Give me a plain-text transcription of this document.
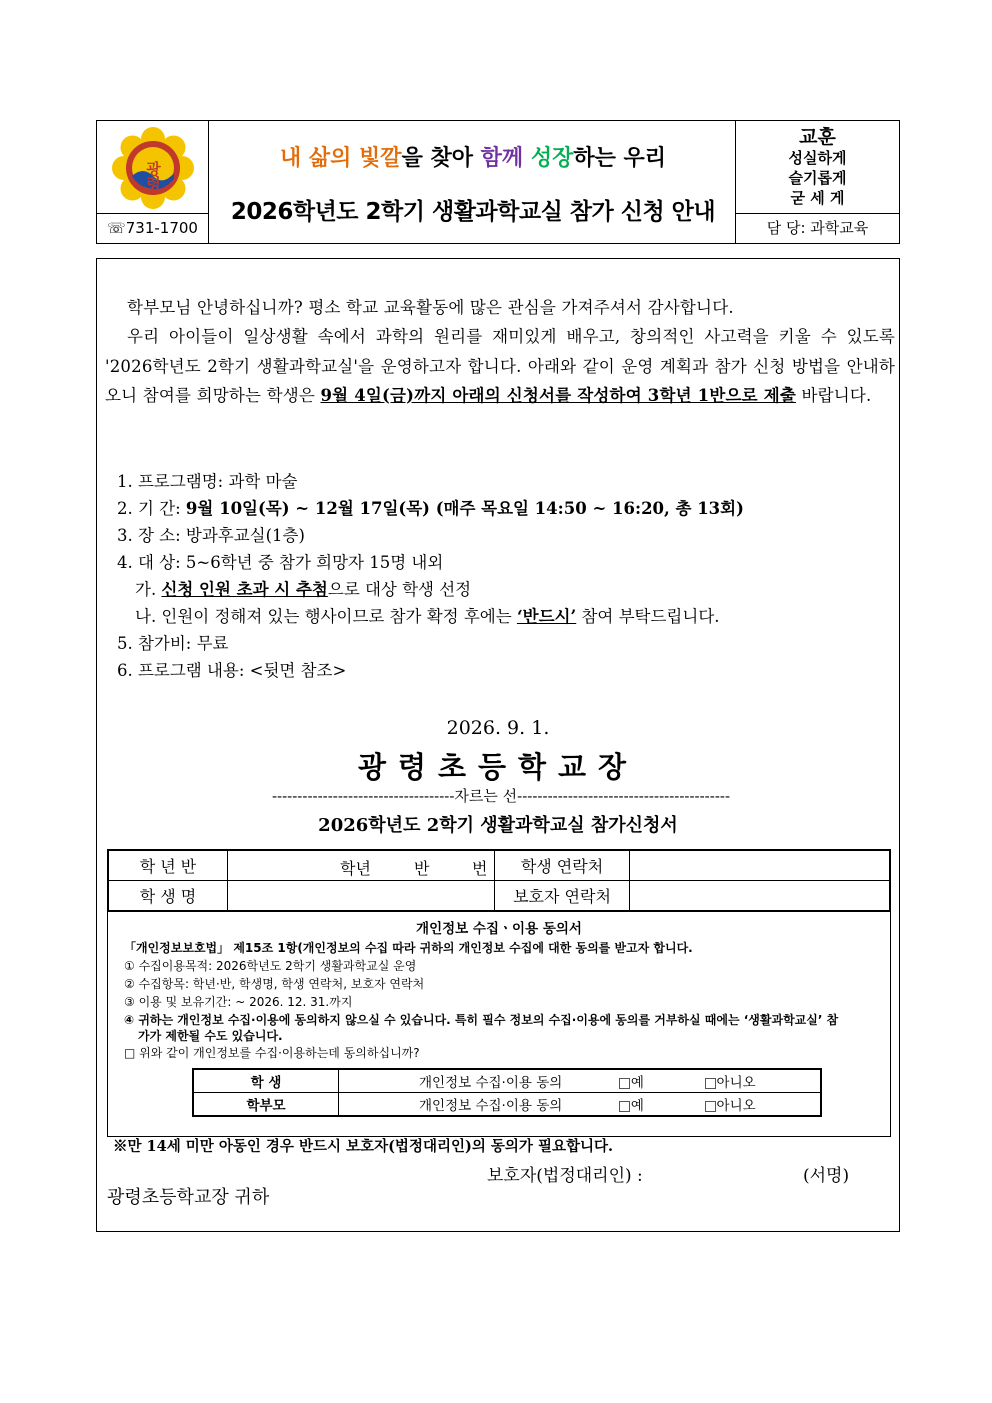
광령
☏731-1700
내 삶의 빛깔을 찾아 함께 성장하는 우리
2026학년도 2학기 생활과학교실 참가 신청 안내
교훈
성실하게
슬기롭게
굳 세 게
담 당: 과학교육
학부모님 안녕하십니까? 평소 학교 교육활동에 많은 관심을 가져주셔서 감사합니다.
우리 아이들이 일상생활 속에서 과학의 원리를 재미있게 배우고, 창의적인 사고력을 키울 수 있도록 '2026학년도 2학기 생활과학교실'을 운영하고자 합니다. 아래와 같이 운영 계획과 참가 신청 방법을 안내하오니 참여를 희망하는 학생은 9월 4일(금)까지 아래의 신청서를 작성하여 3학년 1반으로 제출 바랍니다.
1. 프로그램명: 과학 마술
2. 기 간: 9월 10일(목) ~ 12월 17일(목) (매주 목요일 14:50 ~ 16:20, 총 13회)
3. 장 소: 방과후교실(1층)
4. 대 상: 5~6학년 중 참가 희망자 15명 내외
가. 신청 인원 초과 시 추첨으로 대상 학생 선정
나. 인원이 정해져 있는 행사이므로 참가 확정 후에는 ‘반드시’ 참여 부탁드립니다.
5. 참가비: 무료
6. 프로그램 내용: <뒷면 참조>
2026. 9. 1.
광령초등학교장
------------------------------------자르는 선------------------------------------------
2026학년도 2학기 생활과학교실 참가신청서
학 년 반	학년 반 번	학생 연락처	
학 생 명		보호자 연락처	
개인정보 수집ㆍ이용 동의서
「개인정보보호법」 제15조 1항(개인정보의 수집 따라 귀하의 개인정보 수집에 대한 동의를 받고자 합니다.
① 수집이용목적: 2026학년도 2학기 생활과학교실 운영
② 수집항목: 학년·반, 학생명, 학생 연락처, 보호자 연락처
③ 이용 및 보유기간: ~ 2026. 12. 31.까지
④ 귀하는 개인정보 수집·이용에 동의하지 않으실 수 있습니다. 특히 필수 정보의 수집·이용에 동의를 거부하실 때에는 ‘생활과학교실’ 참
가가 제한될 수도 있습니다.
□ 위와 같이 개인정보를 수집·이용하는데 동의하십니까?
학 생	개인정보 수집·이용 동의 예 아니오
학부모	개인정보 수집·이용 동의 예 아니오
※만 14세 미만 아동인 경우 반드시 보호자(법정대리인)의 동의가 필요합니다.
보호자(법정대리인) :	(서명)
광령초등학교장 귀하
